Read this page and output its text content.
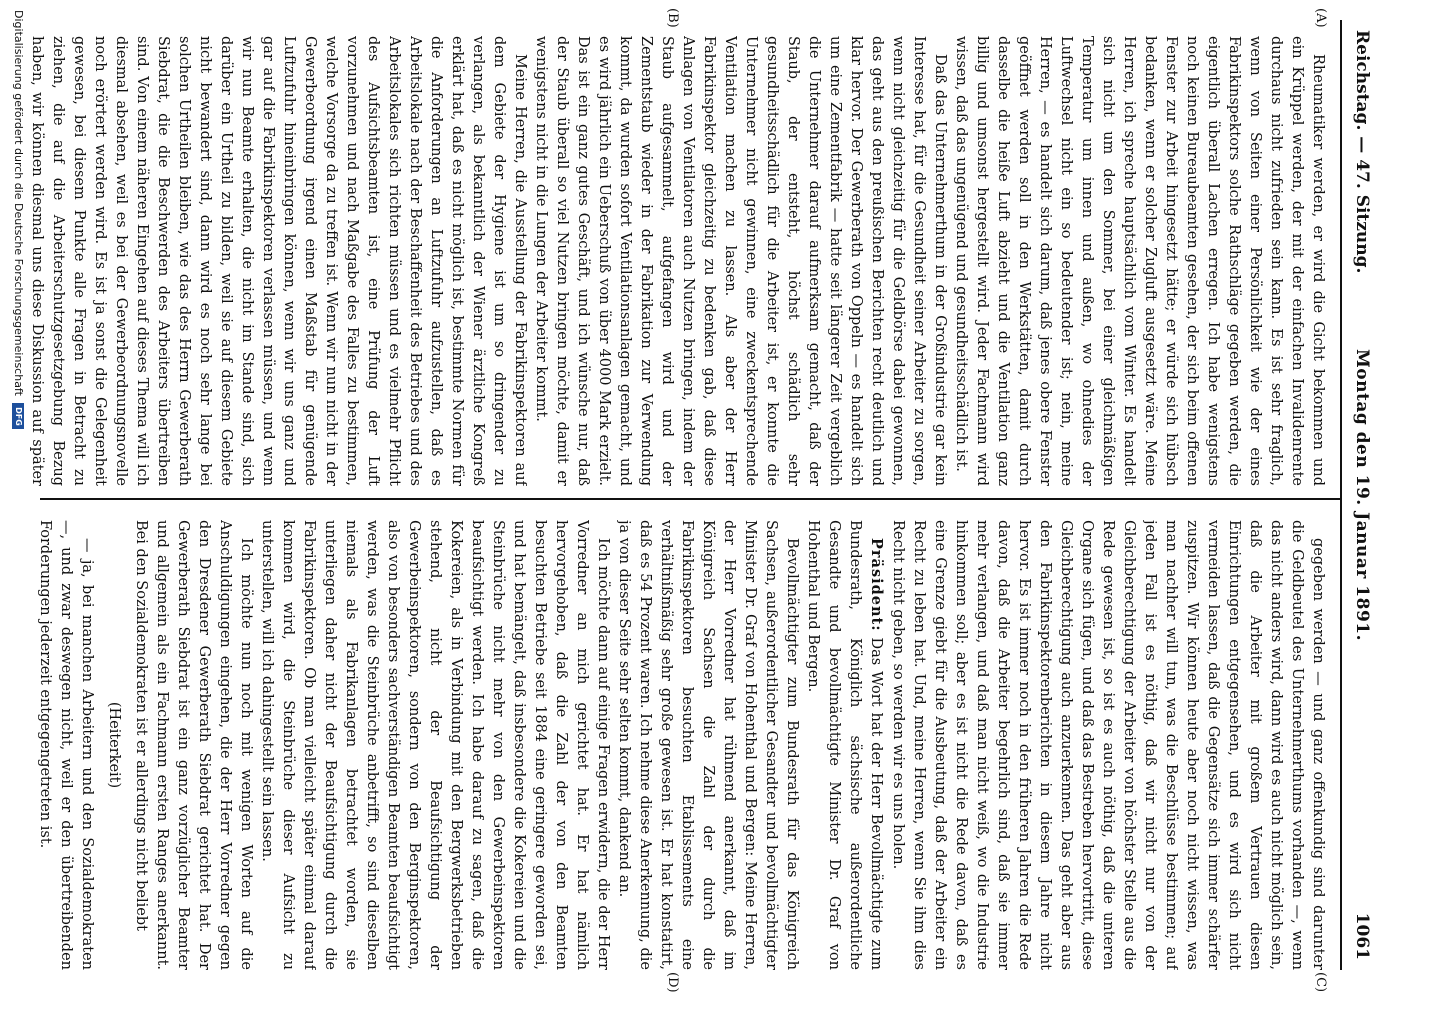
Reichstag. — 47. Sitzung.
Montag den 19. Januar 1891.
1061
(A)
(B)
(C)
(D)

Rheumatiker werden, er wird die Gicht bekommen und ein Krüppel werden, der mit der einfachen Invalidenrente durchaus nicht zufrieden sein kann. Es ist sehr fraglich, wenn von Seiten einer Persönlichkeit wie der eines Fabrikinspektors solche Rathschläge gegeben werden, die eigentlich überall Lachen erregen. Ich habe wenigstens noch keinen Bureaubeamten gesehen, der sich beim offenen Fenster zur Arbeit hingesetzt hätte; er würde sich hübsch bedanken, wenn er solcher Zugluft ausgesetzt wäre. Meine Herren, ich spreche hauptsächlich vom Winter. Es handelt sich nicht um den Sommer, bei einer gleichmäßigen Temperatur um innen und außen, wo ohnedies der Luftwechsel nicht ein so bedeutender ist; nein, meine Herren, — es handelt sich darum, daß jenes obere Fenster geöffnet werden soll in den Werkstätten, damit durch dasselbe die heiße Luft abzieht und die Ventilation ganz billig und umsonst hergestellt wird. Jeder Fachmann wird wissen, daß das ungenügend und gesundheitsschädlich ist.

Daß das Unternehmerthum in der Großindustrie gar kein Interesse hat, für die Gesundheit seiner Arbeiter zu sorgen, wenn nicht gleichzeitig für die Geldbörse dabei gewonnen, das geht aus den preußischen Berichten recht deutlich und klar hervor. Der Gewerberath von Oppeln — es handelt sich um eine Zementfabrik — hatte seit längerer Zeit vergeblich die Unternehmer darauf aufmerksam gemacht, daß der Staub, der entsteht, höchst schädlich sehr gesundheitsschädlich für die Arbeiter ist, er konnte die Unternehmer nicht gewinnen, eine zweckentsprechende Ventilation machen zu lassen. Als aber der Herr Fabrikinspektor gleichzeitig zu bedenken gab, daß diese Anlagen von Ventilatoren auch Nutzen bringen, indem der Staub aufgesammelt, aufgefangen wird und der Zementstaub wieder in der Fabrikation zur Verwendung kommt, da wurden sofort Ventilationsanlagen gemacht, und es wird jährlich ein Ueberschuß von über 4000 Mark erzielt. Das ist ein ganz gutes Geschäft, und ich wünsche nur, daß der Staub überall so viel Nutzen bringen möchte, damit er wenigstens nicht in die Lungen der Arbeiter kommt.

Meine Herren, die Ausstellung der Fabrikinspektoren auf dem Gebiete der Hygiene ist um so dringender zu verlangen, als bekanntlich der Wiener ärztliche Kongreß erklärt hat, daß es nicht möglich ist, bestimmte Normen für die Anforderungen an Luftzufuhr aufzustellen, daß es Arbeitslokale nach der Beschaffenheit des Betriebes und des Arbeitslokales sich richten müssen und es vielmehr Pflicht des Aufsichtsbeamten ist, eine Prüfung der Luft vorzunehmen und nach Maßgabe des Falles zu bestimmen, welche Vorsorge da zu treffen ist. Wenn wir nun nicht in der Gewerbeordnung irgend einen Maßstab für genügende Luftzufuhr hineinbringen können, wenn wir uns ganz und gar auf die Fabrikinspektoren verlassen müssen, und wenn wir nun Beamte erhalten, die nicht im Stande sind, sich darüber ein Urtheil zu bilden, weil sie auf diesem Gebiete nicht bewandert sind, dann wird es noch sehr lange bei solchen Urtheilen bleiben, wie das des Herrn Gewerberath Siebdrat, die die Beschwerden des Arbeiters übertreiben sind. Von einem näheren Eingehen auf dieses Thema will ich diesmal absehen, weil es bei der Gewerbeordnungsnovelle noch erörtert werden wird. Es ist ja sonst die Gelegenheit gewesen, bei diesem Punkte alle Fragen in Betracht zu ziehen, die auf die Arbeiterschutzgesetzgebung Bezug haben, wir können diesmal uns diese Diskussion auf später

gegeben werden — und ganz offenkundig sind darunter die Geldbeutel des Unternehmerthums vorhanden —, wenn das nicht anders wird, dann wird es auch nicht möglich sein, daß die Arbeiter mit großem Vertrauen diesen Einrichtungen entgegensehen, und es wird sich nicht vermeiden lassen, daß die Gegensätze sich immer schärfer zuspitzen. Wir können heute aber noch nicht wissen, was man nachher will tun, was die Beschlüsse bestimmen; auf jeden Fall ist es nöthig, daß wir nicht nur von der Gleichberechtigung der Arbeiter von höchster Stelle aus die Rede gewesen ist, so ist es auch nöthig, daß die unteren Organe sich fügen, und daß das Bestreben hervortritt, diese Gleichberechtigung auch anzuerkennen. Das geht aber aus den Fabrikinspektorenberichten in diesem Jahre nicht hervor. Es ist immer noch in den früheren Jahren die Rede davon, daß die Arbeiter begehrlich sind, daß sie immer mehr verlangen, und daß man nicht weiß, wo die Industrie hinkommen soll; aber es ist nicht die Rede davon, daß es eine Grenze giebt für die Ausbeutung, daß der Arbeiter ein Recht zu leben hat. Und, meine Herren, wenn Sie ihm dies Recht nicht geben, so werden wir es uns holen.

Präsident: Das Wort hat der Herr Bevollmächtigte zum Bundesrath, Königlich sächsische außerordentliche Gesandte und bevollmächtigte Minister Dr. Graf von Hohenthal und Bergen.

Bevollmächtigter zum Bundesrath für das Königreich Sachsen, außerordentlicher Gesandter und bevollmächtigter Minister Dr. Graf von Hohenthal und Bergen: Meine Herren, der Herr Vorredner hat rühmend anerkannt, daß im Königreich Sachsen die Zahl der durch die Fabrikinspektoren besuchten Etablissements eine verhältnißmäßig sehr große gewesen ist. Er hat konstatirt, daß es 54 Prozent waren. Ich nehme diese Anerkennung, die ja von dieser Seite sehr selten kommt, dankend an.

Ich möchte dann auf einige Fragen erwidern, die der Herr Vorredner an mich gerichtet hat. Er hat nämlich hervorgehoben, daß die Zahl der von den Beamten besuchten Betriebe seit 1884 eine geringere geworden sei, und hat bemängelt, daß insbesondere die Kokereien und die Steinbrüche nicht mehr von den Gewerbeinspektoren beaufsichtigt werden. Ich habe darauf zu sagen, daß die Kokereien, als in Verbindung mit den Bergwerksbetrieben stehend, nicht der Beaufsichtigung der Gewerbeinspektoren, sondern von den Berginspektoren, also von besonders sachverständigen Beamten beaufsichtigt werden, was die Steinbrüche anbetrifft, so sind dieselben niemals als Fabrikanlagen betrachtet worden, sie unterliegen daher nicht der Beaufsichtigung durch die Fabrikinspektoren. Ob man vielleicht später einmal darauf kommen wird, die Steinbrüche dieser Aufsicht zu unterstellen, will ich dahingestellt sein lassen.

Ich möchte nun noch mit wenigen Worten auf die Anschuldigungen eingehen, die der Herr Vorredner gegen den Dresdener Gewerberath Siebdrat gerichtet hat. Der Gewerberath Siebdrat ist ein ganz vorzüglicher Beamter und allgemein als ein Fachmann ersten Ranges anerkannt. Bei den Sozialdemokraten ist er allerdings nicht beliebt

(Heiterkeit)

— ja, bei manchen Arbeitern und den Sozialdemokraten —, und zwar deswegen nicht, weil er den übertreibenden Forderungen jederzeit entgegengetreten ist.

Digitalisierung gefördert durch die Deutsche Forschungsgemeinschaft DFG
